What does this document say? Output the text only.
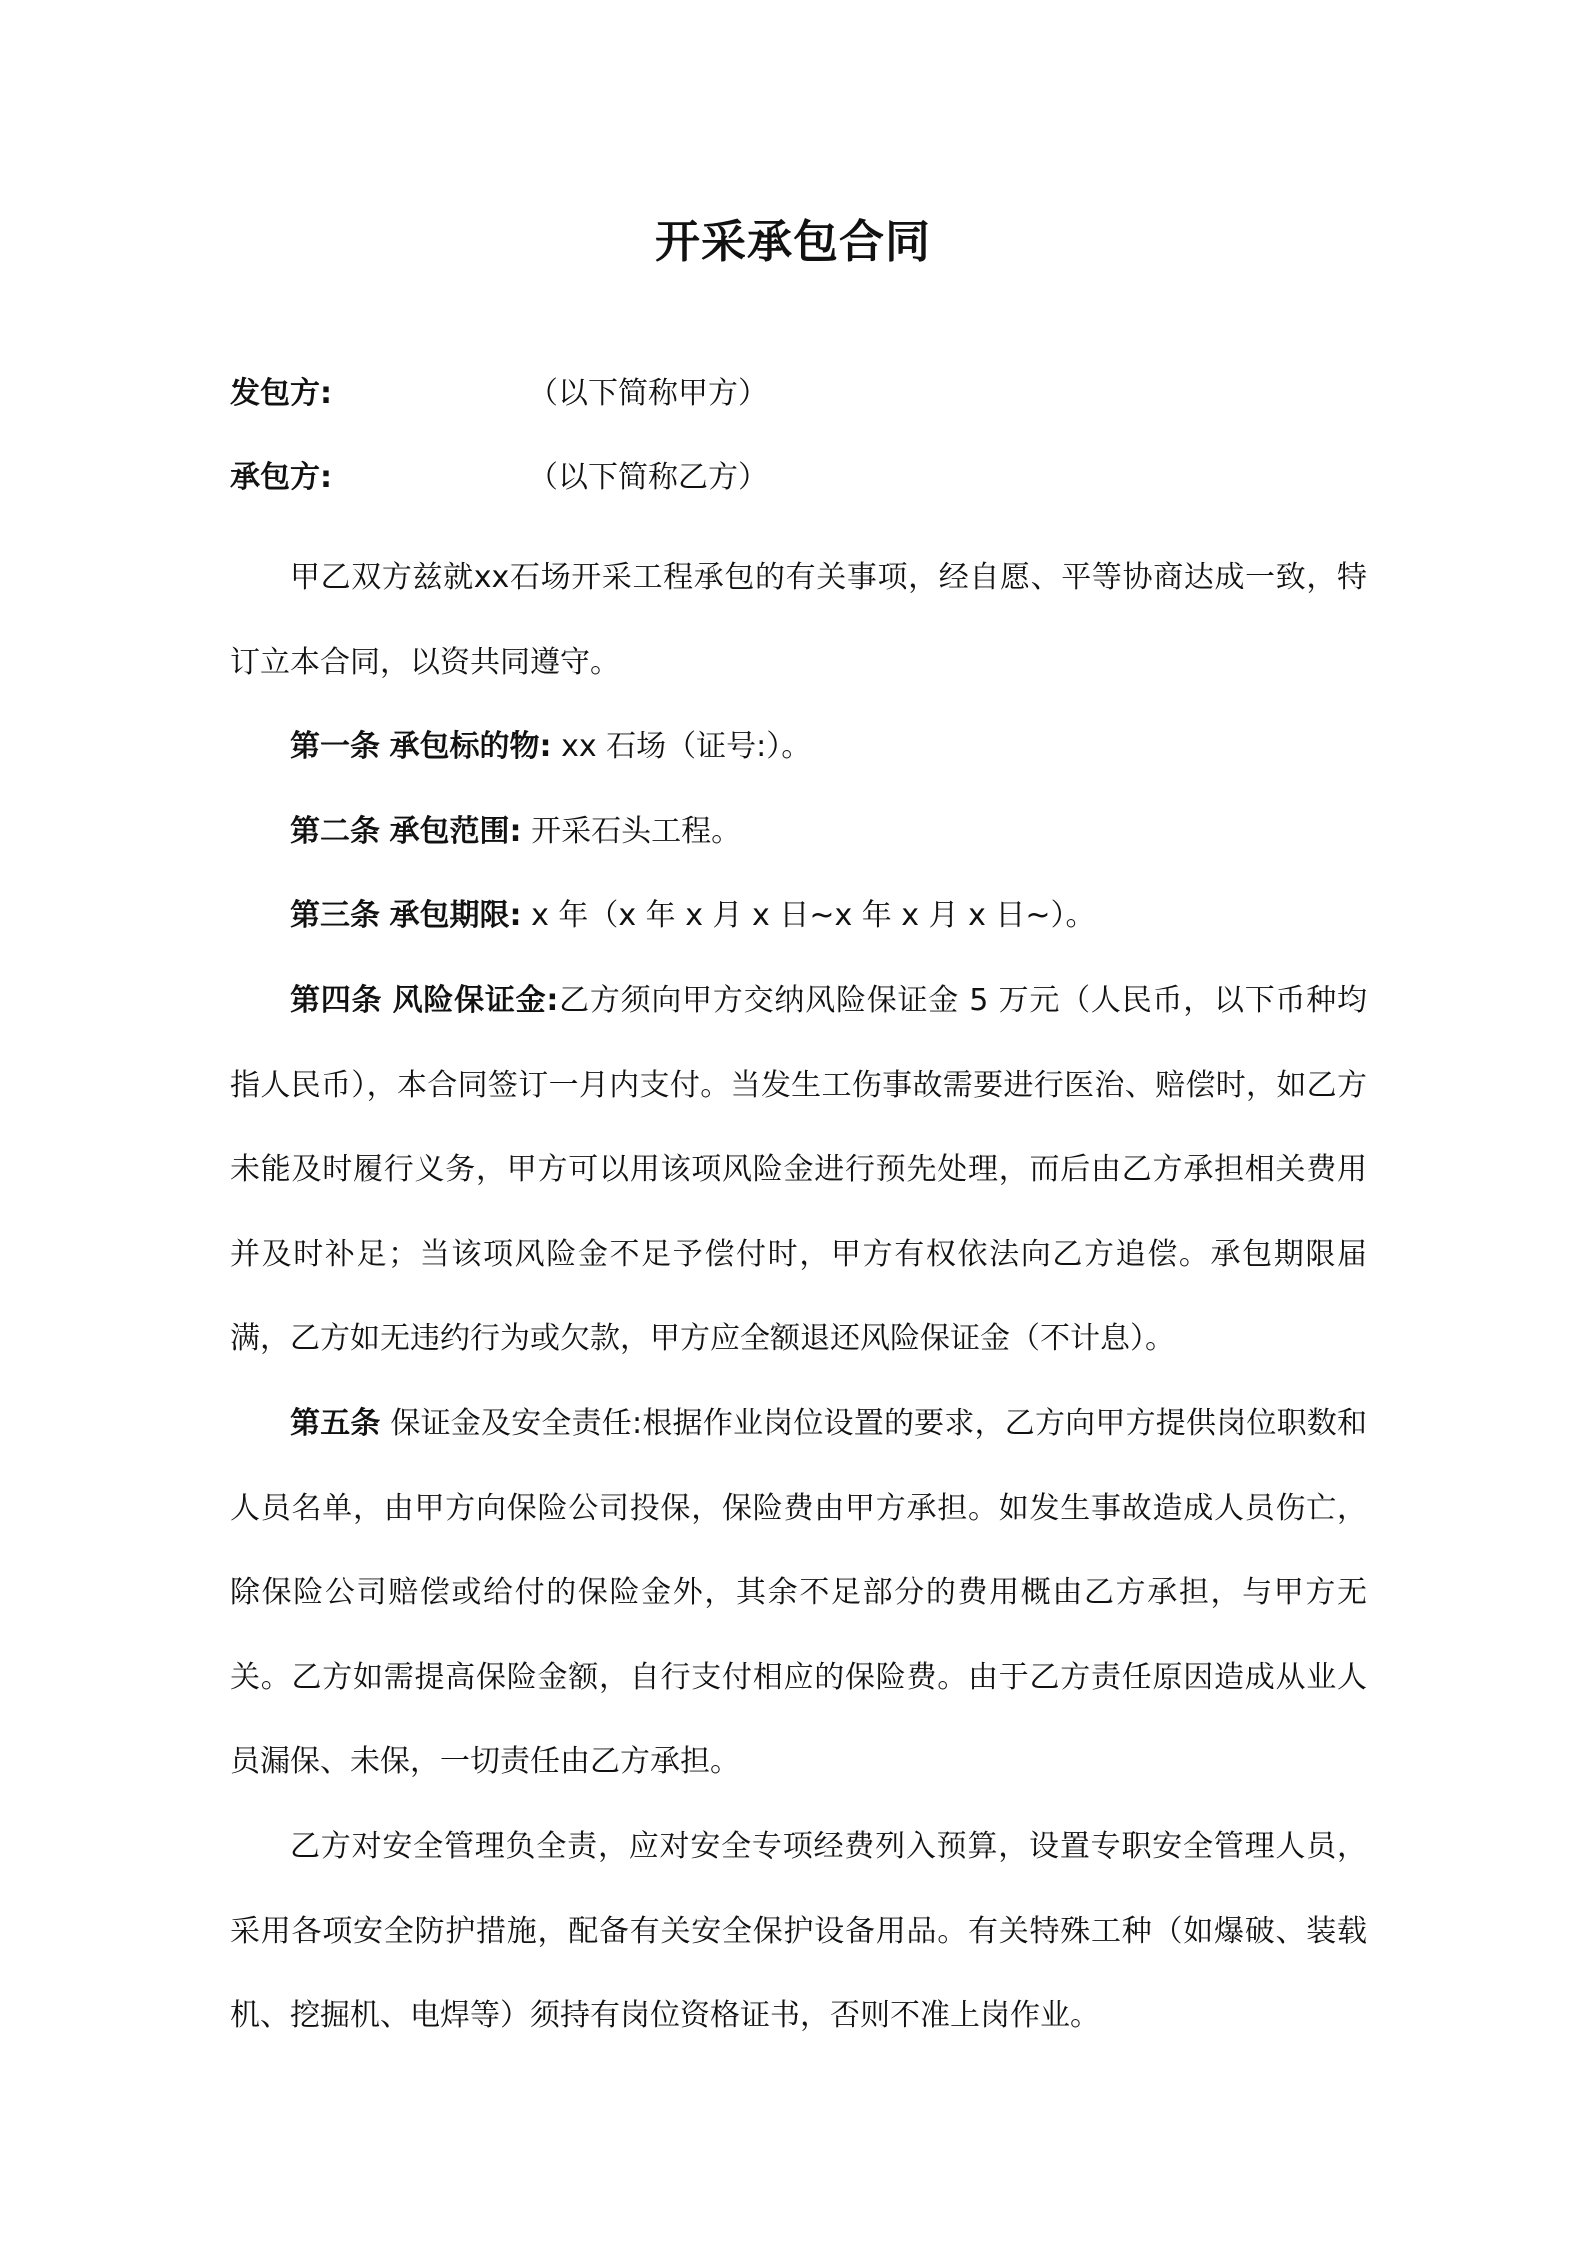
开采承包合同
发包方:	（以下简称甲方）
承包方:	（以下简称乙方）

甲乙双方兹就xx石场开采工程承包的有关事项，经自愿、平等协商达成一致，特订立本合同，以资共同遵守。

第一条 承包标的物: xx 石场（证号:）。

第二条 承包范围: 开采石头工程。

第三条 承包期限: x 年（x 年 x 月 x 日~x 年 x 月 x 日~）。

第四条 风险保证金:乙方须向甲方交纳风险保证金 5 万元（人民币，以下币种均指人民币），本合同签订一月内支付。当发生工伤事故需要进行医治、赔偿时，如乙方未能及时履行义务，甲方可以用该项风险金进行预先处理，而后由乙方承担相关费用并及时补足；当该项风险金不足予偿付时，甲方有权依法向乙方追偿。承包期限届满，乙方如无违约行为或欠款，甲方应全额退还风险保证金（不计息）。

第五条 保证金及安全责任:根据作业岗位设置的要求，乙方向甲方提供岗位职数和人员名单，由甲方向保险公司投保，保险费由甲方承担。如发生事故造成人员伤亡，除保险公司赔偿或给付的保险金外，其余不足部分的费用概由乙方承担，与甲方无关。乙方如需提高保险金额，自行支付相应的保险费。由于乙方责任原因造成从业人员漏保、未保，一切责任由乙方承担。

乙方对安全管理负全责，应对安全专项经费列入预算，设置专职安全管理人员，采用各项安全防护措施，配备有关安全保护设备用品。有关特殊工种（如爆破、装载机、挖掘机、电焊等）须持有岗位资格证书，否则不准上岗作业。
